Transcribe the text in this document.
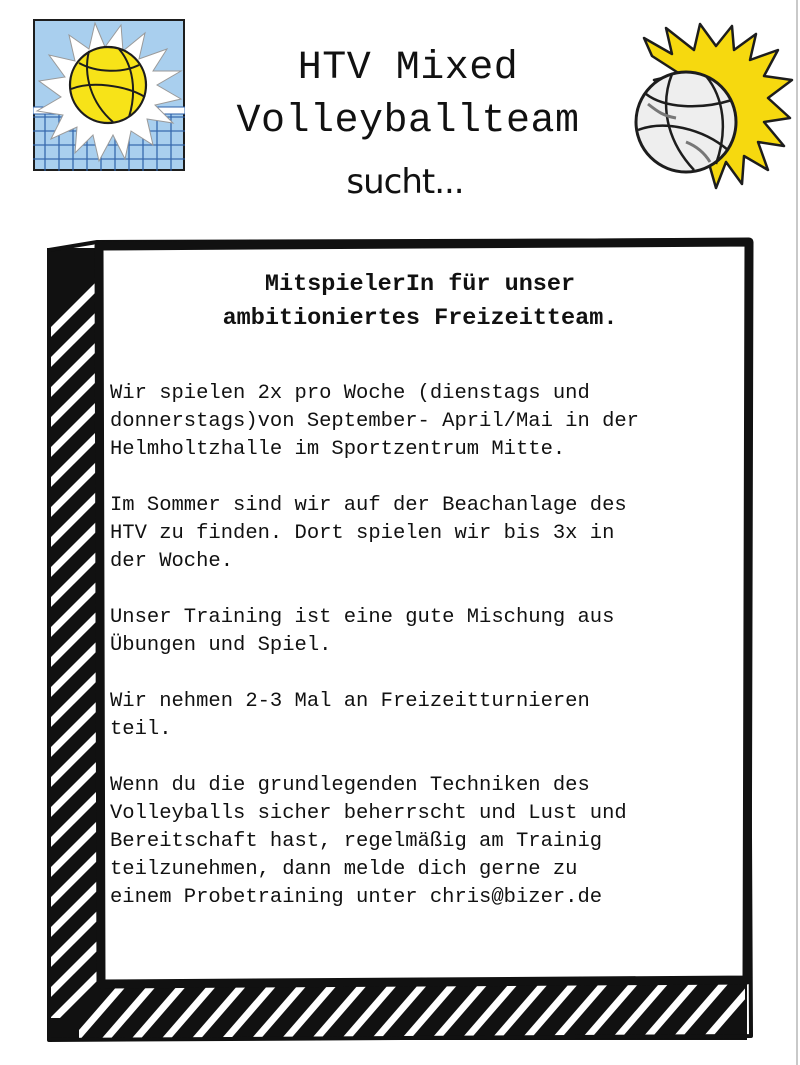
HTV Mixed
Volleyballteam
sucht...

MitspielerIn für unser
ambitioniertes Freizeitteam.

Wir spielen 2x pro Woche (dienstags und
donnerstags)von September- April/Mai in der
Helmholtzhalle im Sportzentrum Mitte.

Im Sommer sind wir auf der Beachanlage des
HTV zu finden. Dort spielen wir bis 3x in
der Woche.

Unser Training ist eine gute Mischung aus
Übungen und Spiel.

Wir nehmen 2-3 Mal an Freizeitturnieren
teil.

Wenn du die grundlegenden Techniken des
Volleyballs sicher beherrscht und Lust und
Bereitschaft hast, regelmäßig am Trainig
teilzunehmen, dann melde dich gerne zu
einem Probetraining unter chris@bizer.de
